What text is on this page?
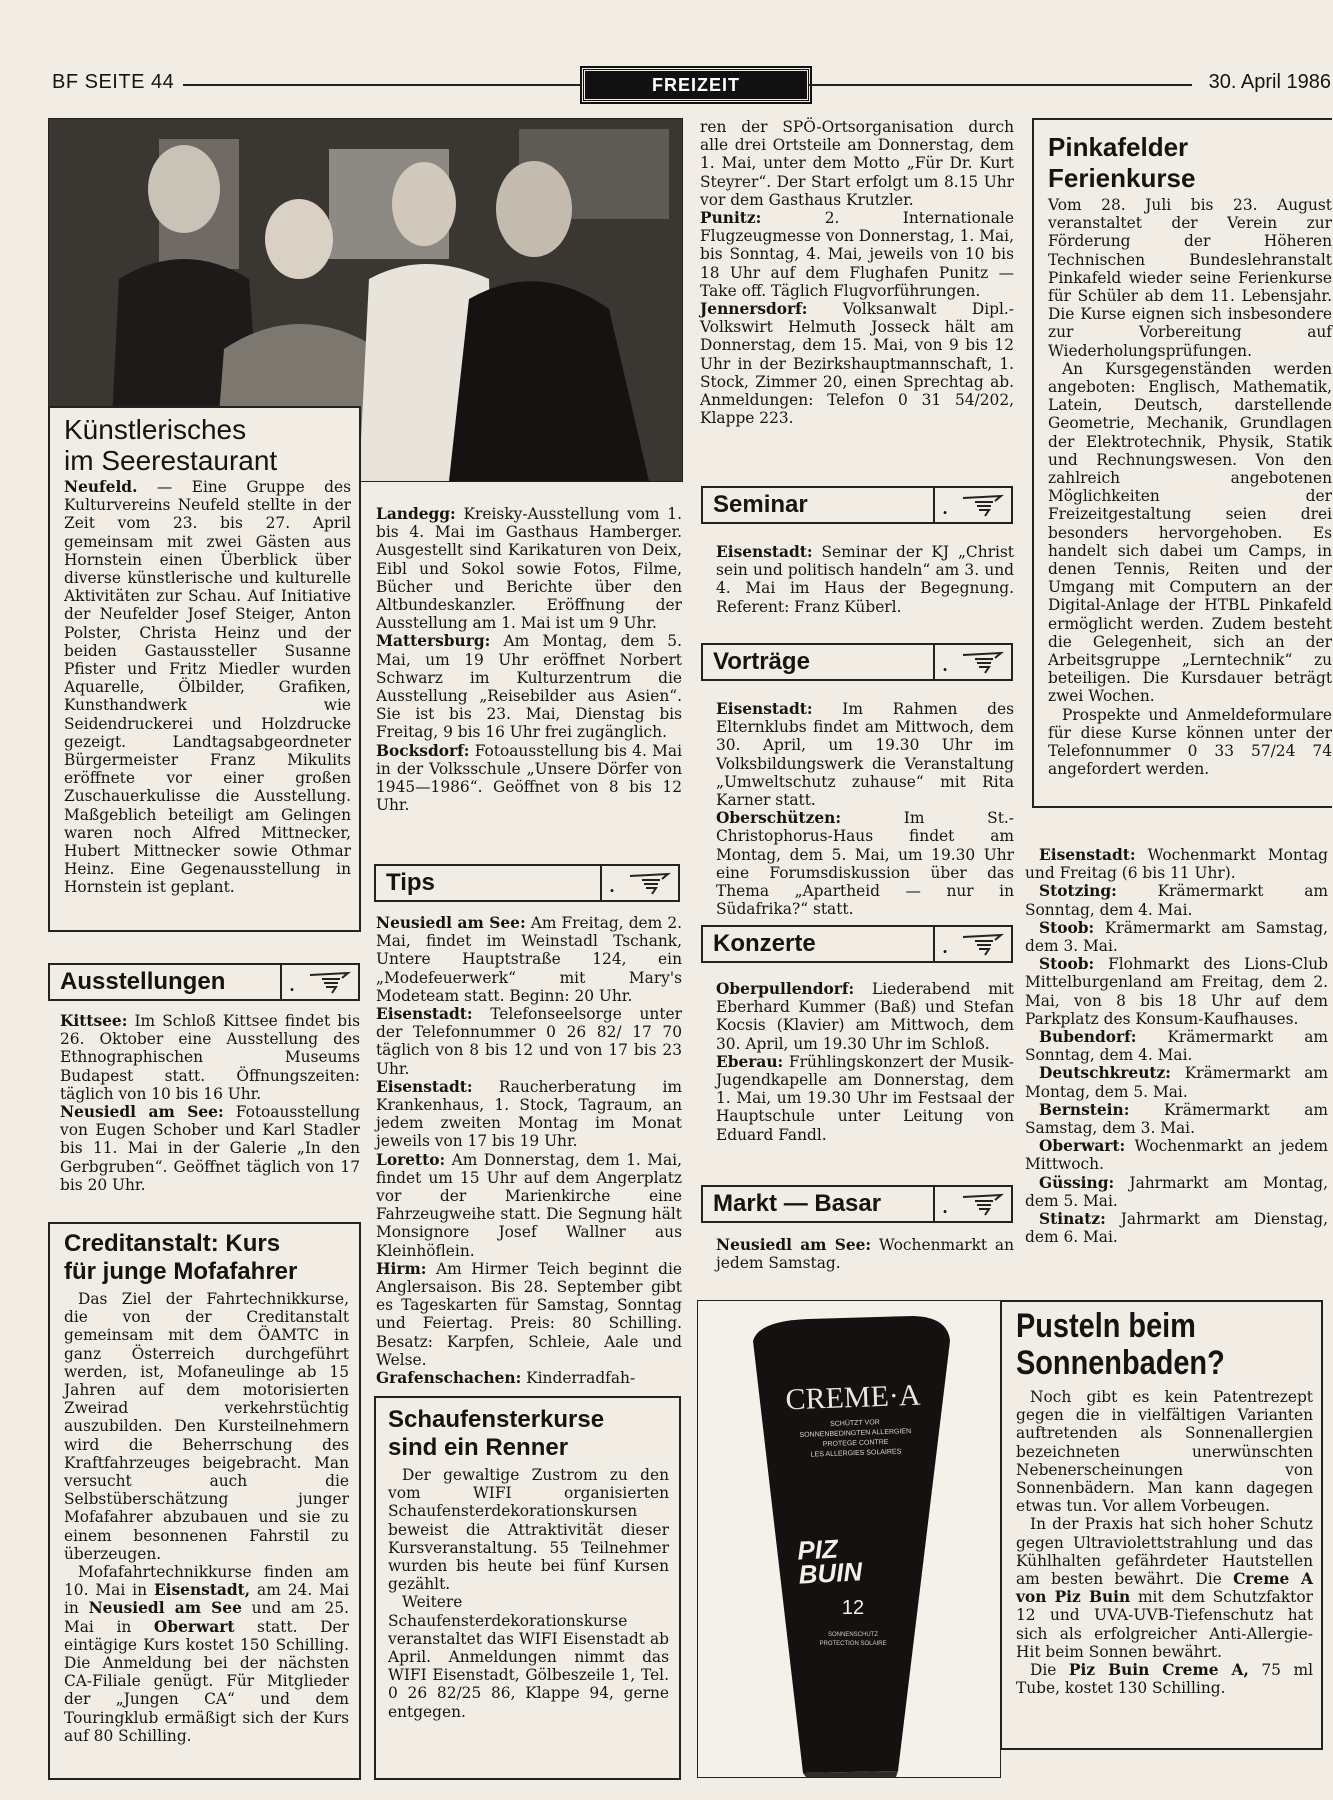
BF SEITE 44	FREIZEIT	30. April 1986
Künstlerisches
im Seerestaurant

Neufeld. — Eine Gruppe des Kulturvereins Neufeld stellte in der Zeit vom 23. bis 27. April gemeinsam mit zwei Gästen aus Hornstein einen Überblick über diverse künstlerische und kulturelle Aktivitäten zur Schau. Auf Initiative der Neufelder Josef Steiger, Anton Polster, Christa Heinz und der beiden Gastaussteller Susanne Pfister und Fritz Miedler wurden Aquarelle, Ölbilder, Grafiken, Kunsthandwerk wie Seidendruckerei und Holzdrucke gezeigt. Landtagsabgeordneter Bürgermeister Franz Mikulits eröffnete vor einer großen Zuschauerkulisse die Ausstellung. Maßgeblich beteiligt am Gelingen waren noch Alfred Mittnecker, Hubert Mittnecker sowie Othmar Heinz. Eine Gegenausstellung in Hornstein ist geplant.

Ausstellungen	.

Kittsee: Im Schloß Kittsee findet bis 26. Oktober eine Ausstellung des Ethnographischen Museums Budapest statt. Öffnungszeiten: täglich von 10 bis 16 Uhr.

Neusiedl am See: Fotoausstellung von Eugen Schober und Karl Stadler bis 11. Mai in der Galerie „In den Gerbgruben“. Geöffnet täglich von 17 bis 20 Uhr.

Creditanstalt: Kurs
für junge Mofafahrer

Das Ziel der Fahrtechnikkurse, die von der Creditanstalt gemeinsam mit dem ÖAMTC in ganz Österreich durchgeführt werden, ist, Mofaneulinge ab 15 Jahren auf dem motorisierten Zweirad verkehrstüchtig auszubilden. Den Kursteilnehmern wird die Beherrschung des Kraftfahrzeuges beigebracht. Man versucht auch die Selbstüberschätzung junger Mofafahrer abzubauen und sie zu einem besonnenen Fahrstil zu überzeugen.

Mofafahrtechnikkurse finden am 10. Mai in Eisenstadt, am 24. Mai in Neusiedl am See und am 25. Mai in Oberwart statt. Der eintägige Kurs kostet 150 Schilling. Die Anmeldung bei der nächsten CA-Filiale genügt. Für Mitglieder der „Jungen CA“ und dem Touringklub ermäßigt sich der Kurs auf 80 Schilling.

Landegg: Kreisky-Ausstellung vom 1. bis 4. Mai im Gasthaus Hamberger. Ausgestellt sind Karikaturen von Deix, Eibl und Sokol sowie Fotos, Filme, Bücher und Berichte über den Altbundeskanzler. Eröffnung der Ausstellung am 1. Mai ist um 9 Uhr.

Mattersburg: Am Montag, dem 5. Mai, um 19 Uhr eröffnet Norbert Schwarz im Kulturzentrum die Ausstellung „Reisebilder aus Asien“. Sie ist bis 23. Mai, Dienstag bis Freitag, 9 bis 16 Uhr frei zugänglich.

Bocksdorf: Fotoausstellung bis 4. Mai in der Volksschule „Unsere Dörfer von 1945—1986“. Geöffnet von 8 bis 12 Uhr.

Tips	.

Neusiedl am See: Am Freitag, dem 2. Mai, findet im Weinstadl Tschank, Untere Hauptstraße 124, ein „Modefeuerwerk“ mit Mary's Modeteam statt. Beginn: 20 Uhr.

Eisenstadt: Telefonseelsorge unter der Telefonnummer 0 26 82/ 17 70 täglich von 8 bis 12 und von 17 bis 23 Uhr.

Eisenstadt: Raucherberatung im Krankenhaus, 1. Stock, Tagraum, an jedem zweiten Montag im Monat jeweils von 17 bis 19 Uhr.

Loretto: Am Donnerstag, dem 1. Mai, findet um 15 Uhr auf dem Angerplatz vor der Marienkirche eine Fahrzeugweihe statt. Die Segnung hält Monsignore Josef Wallner aus Kleinhöflein.

Hirm: Am Hirmer Teich beginnt die Anglersaison. Bis 28. September gibt es Tageskarten für Samstag, Sonntag und Feiertag. Preis: 80 Schilling. Besatz: Karpfen, Schleie, Aale und Welse.

Grafenschachen: Kinderradfah-

Schaufensterkurse
sind ein Renner

Der gewaltige Zustrom zu den vom WIFI organisierten Schaufensterdekorationskursen beweist die Attraktivität dieser Kursveranstaltung. 55 Teilnehmer wurden bis heute bei fünf Kursen gezählt.

Weitere Schaufensterdekorationskurse veranstaltet das WIFI Eisenstadt ab April. Anmeldungen nimmt das WIFI Eisenstadt, Gölbeszeile 1, Tel. 0 26 82/25 86, Klappe 94, gerne entgegen.

ren der SPÖ-Ortsorganisation durch alle drei Ortsteile am Donnerstag, dem 1. Mai, unter dem Motto „Für Dr. Kurt Steyrer“. Der Start erfolgt um 8.15 Uhr vor dem Gasthaus Krutzler.

Punitz: 2. Internationale Flugzeugmesse von Donnerstag, 1. Mai, bis Sonntag, 4. Mai, jeweils von 10 bis 18 Uhr auf dem Flughafen Punitz — Take off. Täglich Flugvorführungen.

Jennersdorf: Volksanwalt Dipl.-Volkswirt Helmuth Josseck hält am Donnerstag, dem 15. Mai, von 9 bis 12 Uhr in der Bezirkshauptmannschaft, 1. Stock, Zimmer 20, einen Sprechtag ab. Anmeldungen: Telefon 0 31 54/202, Klappe 223.

Seminar	.

Eisenstadt: Seminar der KJ „Christ sein und politisch handeln“ am 3. und 4. Mai im Haus der Begegnung. Referent: Franz Küberl.

Vorträge	.

Eisenstadt: Im Rahmen des Elternklubs findet am Mittwoch, dem 30. April, um 19.30 Uhr im Volksbildungswerk die Veranstaltung „Umweltschutz zuhause“ mit Rita Karner statt.

Oberschützen: Im St.-Christophorus-Haus findet am Montag, dem 5. Mai, um 19.30 Uhr eine Forumsdiskussion über das Thema „Apartheid — nur in Südafrika?“ statt.

Konzerte	.

Oberpullendorf: Liederabend mit Eberhard Kummer (Baß) und Stefan Kocsis (Klavier) am Mittwoch, dem 30. April, um 19.30 Uhr im Schloß.

Eberau: Frühlingskonzert der Musik-Jugendkapelle am Donnerstag, dem 1. Mai, um 19.30 Uhr im Festsaal der Hauptschule unter Leitung von Eduard Fandl.

Markt — Basar	.

Neusiedl am See: Wochenmarkt an jedem Samstag.

Pinkafelder
Ferienkurse

Vom 28. Juli bis 23. August veranstaltet der Verein zur Förderung der Höheren Technischen Bundeslehranstalt Pinkafeld wieder seine Ferienkurse für Schüler ab dem 11. Lebensjahr. Die Kurse eignen sich insbesondere zur Vorbereitung auf Wiederholungsprüfungen.

An Kursgegenständen werden angeboten: Englisch, Mathematik, Latein, Deutsch, darstellende Geometrie, Mechanik, Grundlagen der Elektrotechnik, Physik, Statik und Rechnungswesen. Von den zahlreich angebotenen Möglichkeiten der Freizeitgestaltung seien drei besonders hervorgehoben. Es handelt sich dabei um Camps, in denen Tennis, Reiten und der Umgang mit Computern an der Digital-Anlage der HTBL Pinkafeld ermöglicht werden. Zudem besteht die Gelegenheit, sich an der Arbeitsgruppe „Lerntechnik“ zu beteiligen. Die Kursdauer beträgt zwei Wochen.

Prospekte und Anmeldeformulare für diese Kurse können unter der Telefonnummer 0 33 57/24 74 angefordert werden.

Eisenstadt: Wochenmarkt Montag und Freitag (6 bis 11 Uhr).

Stotzing: Krämermarkt am Sonntag, dem 4. Mai.

Stoob: Krämermarkt am Samstag, dem 3. Mai.

Stoob: Flohmarkt des Lions-Club Mittelburgenland am Freitag, dem 2. Mai, von 8 bis 18 Uhr auf dem Parkplatz des Konsum-Kaufhauses.

Bubendorf: Krämermarkt am Sonntag, dem 4. Mai.

Deutschkreutz: Krämermarkt am Montag, dem 5. Mai.

Bernstein: Krämermarkt am Samstag, dem 3. Mai.

Oberwart: Wochenmarkt an jedem Mittwoch.

Güssing: Jahrmarkt am Montag, dem 5. Mai.

Stinatz: Jahrmarkt am Dienstag, dem 6. Mai.

CREME·A
SCHÜTZT VOR
SONNENBEDINGTEN ALLERGIEN
PROTEGE CONTRE
LES ALLERGIES SOLAIRES
PIZ
BUIN
12
SONNENSCHUTZ
PROTECTION SOLAIRE
Pusteln beim
Sonnenbaden?

Noch gibt es kein Patentrezept gegen die in vielfältigen Varianten auftretenden als Sonnenallergien bezeichneten unerwünschten Nebenerscheinungen von Sonnenbädern. Man kann dagegen etwas tun. Vor allem Vorbeugen.

In der Praxis hat sich hoher Schutz gegen Ultraviolettstrahlung und das Kühlhalten gefährdeter Hautstellen am besten bewährt. Die Creme A von Piz Buin mit dem Schutzfaktor 12 und UVA-UVB-Tiefenschutz hat sich als erfolgreicher Anti-Allergie-Hit beim Sonnen bewährt.

Die Piz Buin Creme A, 75 ml Tube, kostet 130 Schilling.
